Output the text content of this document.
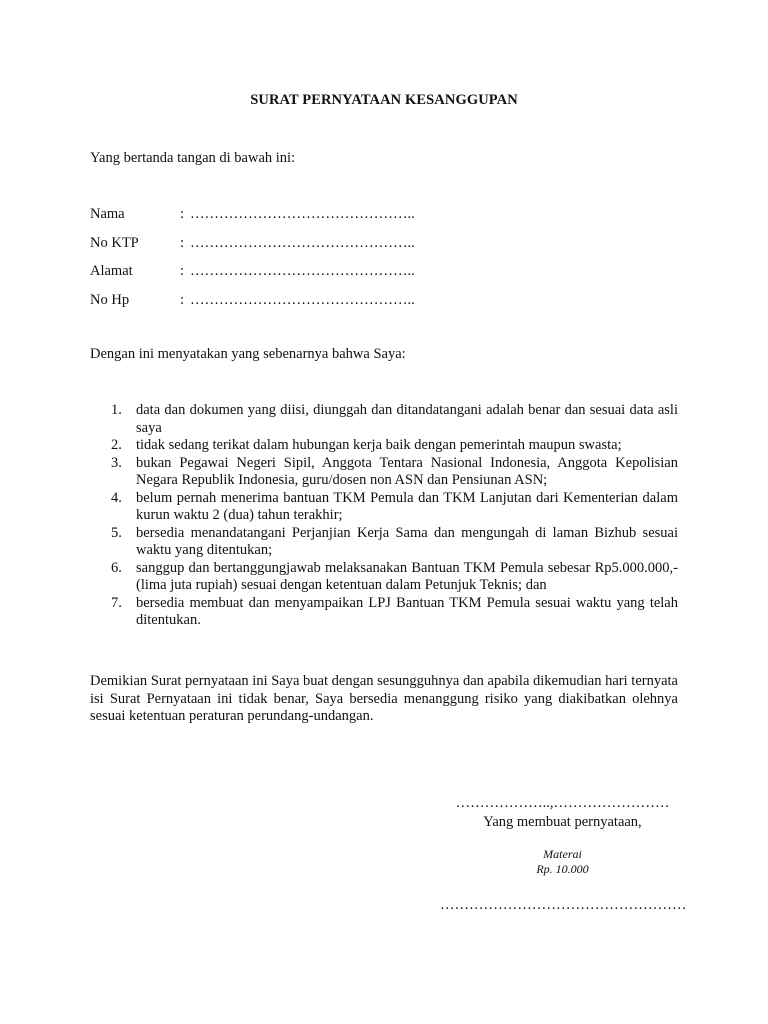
SURAT PERNYATAAN KESANGGUPAN
Yang bertanda tangan di bawah ini:
Nama	: ………………………………………..
No KTP	: ………………………………………..
Alamat	: ………………………………………..
No Hp	: ………………………………………..
Dengan ini menyatakan yang sebenarnya bahwa Saya:
1. data dan dokumen yang diisi, diunggah dan ditandatangani adalah benar dan sesuai data asli saya
2. tidak sedang terikat dalam hubungan kerja baik dengan pemerintah maupun swasta;
3. bukan Pegawai Negeri Sipil, Anggota Tentara Nasional Indonesia, Anggota Kepolisian Negara Republik Indonesia, guru/dosen non ASN dan Pensiunan ASN;
4. belum pernah menerima bantuan TKM Pemula dan TKM Lanjutan dari Kementerian dalam kurun waktu 2 (dua) tahun terakhir;
5. bersedia menandatangani Perjanjian Kerja Sama dan mengungah di laman Bizhub sesuai waktu yang ditentukan;
6. sanggup dan bertanggungjawab melaksanakan Bantuan TKM Pemula sebesar Rp5.000.000,- (lima juta rupiah) sesuai dengan ketentuan dalam Petunjuk Teknis; dan
7. bersedia membuat dan menyampaikan LPJ Bantuan TKM Pemula sesuai waktu yang telah ditentukan.
Demikian Surat pernyataan ini Saya buat dengan sesungguhnya dan apabila dikemudian hari ternyata isi Surat Pernyataan ini tidak benar, Saya bersedia menanggung risiko yang diakibatkan olehnya sesuai ketentuan peraturan perundang-undangan.
………………..,……………………
Yang membuat pernyataan,
Materai
Rp. 10.000
……………………………………………
